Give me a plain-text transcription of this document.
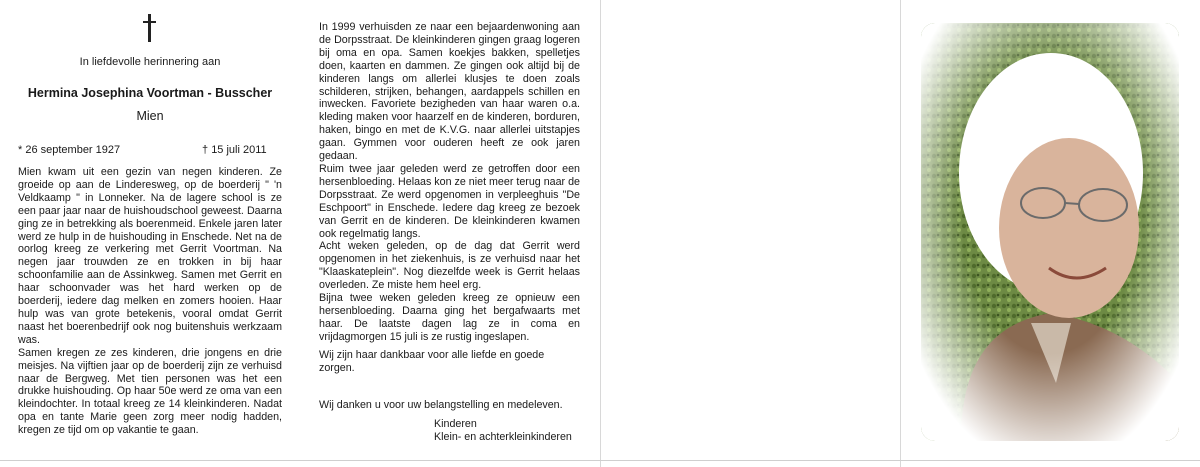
In liefdevolle herinnering aan
Hermina Josephina Voortman - Busscher
Mien
* 26 september 1927	† 15 juli 2011

Mien kwam uit een gezin van negen kinderen. Ze groeide op aan de Linderesweg, op de boerderij " 'n Veldkaamp " in Lonneker. Na de lagere school is ze een paar jaar naar de huishoudschool geweest. Daarna ging ze in betrekking als boerenmeid. Enkele jaren later werd ze hulp in de huishouding in Enschede. Net na de oorlog kreeg ze verkering met Gerrit Voortman. Na negen jaar trouwden ze en trokken in bij haar schoonfamilie aan de Assinkweg. Samen met Gerrit en haar schoonvader was het hard werken op de boerderij, iedere dag melken en zomers hooien. Haar hulp was van grote betekenis, vooral omdat Gerrit naast het boerenbedrijf ook nog buitenshuis werkzaam was.

Samen kregen ze zes kinderen, drie jongens en drie meisjes. Na vijftien jaar op de boerderij zijn ze verhuisd naar de Bergweg. Met tien personen was het een drukke huishouding. Op haar 50e werd ze oma van een kleindochter. In totaal kreeg ze 14 kleinkinderen. Nadat opa en tante Marie geen zorg meer nodig hadden, kregen ze tijd om op vakantie te gaan.

In 1999 verhuisden ze naar een bejaardenwoning aan de Dorpsstraat. De kleinkinderen gingen graag logeren bij oma en opa. Samen koekjes bakken, spelletjes doen, kaarten en dammen. Ze gingen ook altijd bij de kinderen langs om allerlei klusjes te doen zoals schilderen, strijken, behangen, aardappels schillen en inwecken. Favoriete bezigheden van haar waren o.a. kleding maken voor haarzelf en de kinderen, borduren, haken, bingo en met de K.V.G. naar allerlei uitstapjes gaan. Gymmen voor ouderen heeft ze ook jaren gedaan.

Ruim twee jaar geleden werd ze getroffen door een hersenbloeding. Helaas kon ze niet meer terug naar de Dorpsstraat. Ze werd opgenomen in verpleeghuis "De Eschpoort" in Enschede. Iedere dag kreeg ze bezoek van Gerrit en de kinderen. De kleinkinderen kwamen ook regelmatig langs.

Acht weken geleden, op de dag dat Gerrit werd opgenomen in het ziekenhuis, is ze verhuisd naar het "Klaaskateplein". Nog diezelfde week is Gerrit helaas overleden. Ze miste hem heel erg.

Bijna twee weken geleden kreeg ze opnieuw een hersenbloeding. Daarna ging het bergafwaarts met haar. De laatste dagen lag ze in coma en vrijdagmorgen 15 juli is ze rustig ingeslapen.

Wij zijn haar dankbaar voor alle liefde en goede zorgen.
Wij danken u voor uw belangstelling en medeleven.
Kinderen
Klein- en achterkleinkinderen
